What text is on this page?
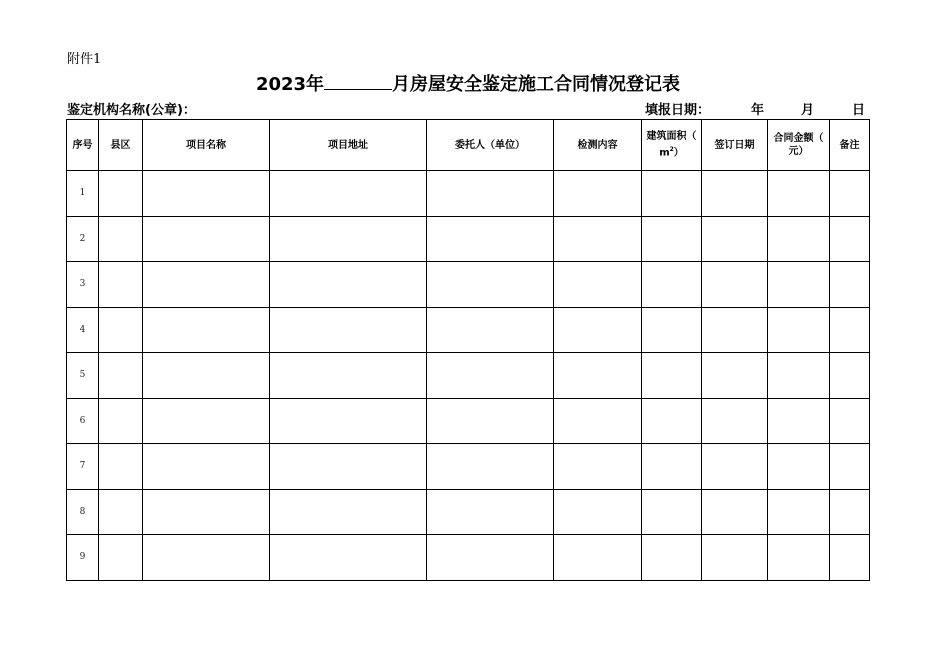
附件1
2023年	月房屋安全鉴定施工合同情况登记表
鉴定机构名称(公章)：	填报日期：	年	月	日
序号	县区	项目名称	项目地址	委托人（单位）	检测内容	建筑面积（
$m^2$）	签订日期	合同金额（
元）	备注
1									
2									
3									
4									
5									
6									
7									
8									
9									
